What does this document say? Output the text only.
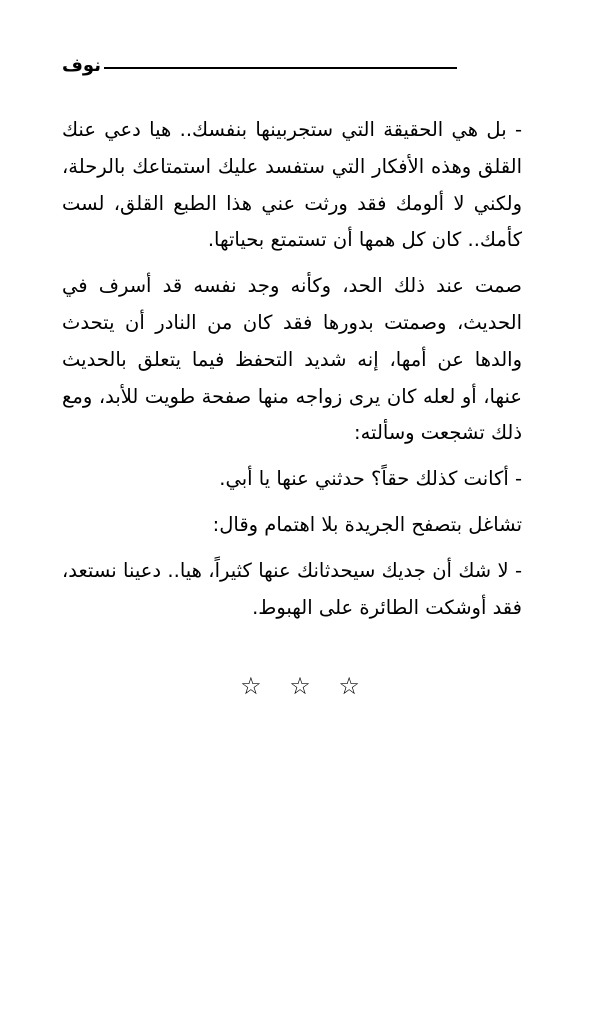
نوف

- بل هي الحقيقة التي ستجربينها بنفسك.. هيا دعي عنك القلق وهذه الأفكار التي ستفسد عليك استمتاعك بالرحلة، ولكني لا ألومك فقد ورثت عني هذا الطبع القلق، لست كأمك.. كان كل همها أن تستمتع بحياتها.

صمت عند ذلك الحد، وكأنه وجد نفسه قد أسرف في الحديث، وصمتت بدورها فقد كان من النادر أن يتحدث والدها عن أمها، إنه شديد التحفظ فيما يتعلق بالحديث عنها، أو لعله كان يرى زواجه منها صفحة طويت للأبد، ومع ذلك تشجعت وسألته:

- أكانت كذلك حقاً؟ حدثني عنها يا أبي.

تشاغل بتصفح الجريدة بلا اهتمام وقال:

- لا شك أن جديك سيحدثانك عنها كثيراً، هيا.. دعينا نستعد، فقد أوشكت الطائرة على الهبوط.

☆ ☆ ☆
